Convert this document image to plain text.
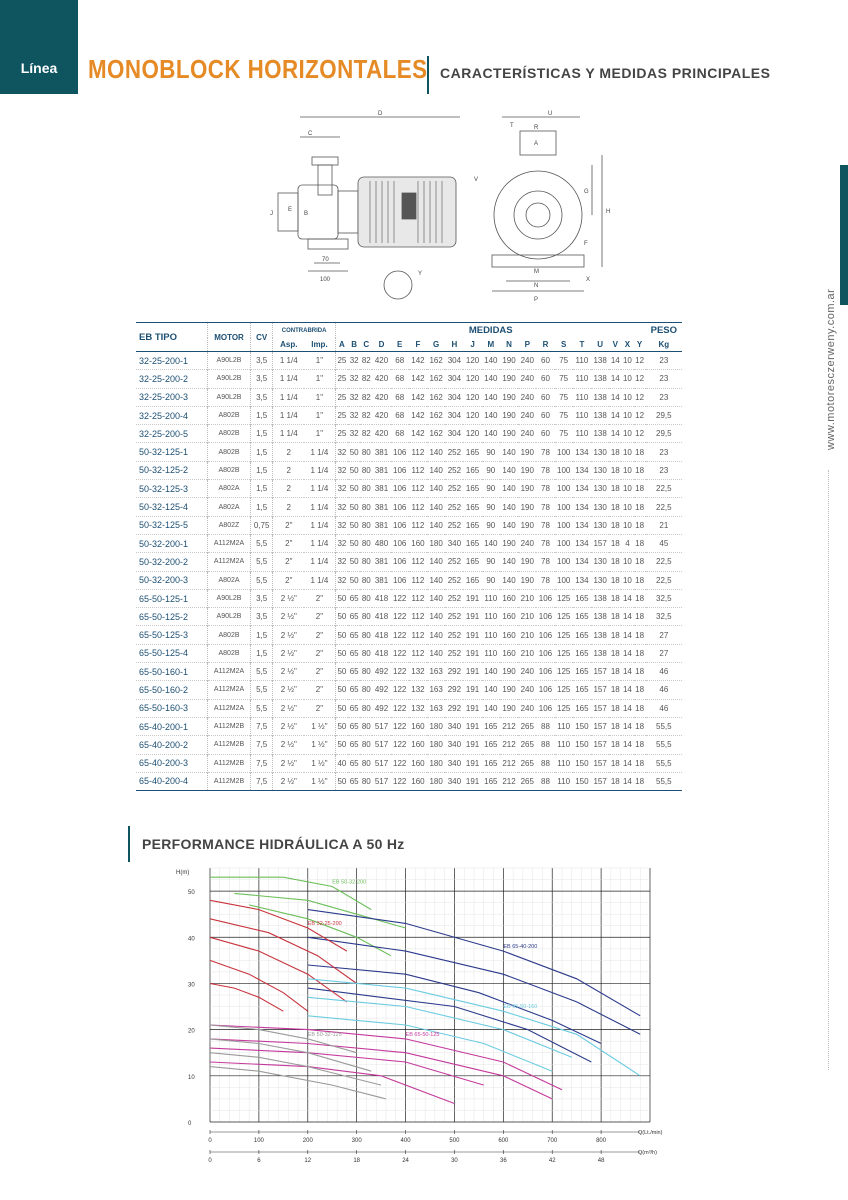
Línea	MONOBLOCK HORIZONTALES CARACTERÍSTICAS Y MEDIDAS PRINCIPALES
www.motoresczerweny.com.ar
D
C
E
J	B
70
100
Y
U
T	R
A
V
G
H
F
M
N
P
X
EB TIPO	MOTOR	CV	CONTRABRIDA		MEDIDAS																			PESO
			Asp.	Imp.	A	B	C	D	E	F	G	H	J	M	N	P	R	S	T	U	V	X	Y	Kg
32-25-200-1	A90L2B	3,5	1 1/4	1"	25	32	82	420	68	142	162	304	120	140	190	240	60	75	110	138	14	10	12	23
32-25-200-2	A90L2B	3,5	1 1/4	1"	25	32	82	420	68	142	162	304	120	140	190	240	60	75	110	138	14	10	12	23
32-25-200-3	A90L2B	3,5	1 1/4	1"	25	32	82	420	68	142	162	304	120	140	190	240	60	75	110	138	14	10	12	23
32-25-200-4	A802B	1,5	1 1/4	1"	25	32	82	420	68	142	162	304	120	140	190	240	60	75	110	138	14	10	12	29,5
32-25-200-5	A802B	1,5	1 1/4	1"	25	32	82	420	68	142	162	304	120	140	190	240	60	75	110	138	14	10	12	29,5
50-32-125-1	A802B	1,5	2	1 1/4	32	50	80	381	106	112	140	252	165	90	140	190	78	100	134	130	18	10	18	23
50-32-125-2	A802B	1,5	2	1 1/4	32	50	80	381	106	112	140	252	165	90	140	190	78	100	134	130	18	10	18	23
50-32-125-3	A802A	1,5	2	1 1/4	32	50	80	381	106	112	140	252	165	90	140	190	78	100	134	130	18	10	18	22,5
50-32-125-4	A802A	1,5	2	1 1/4	32	50	80	381	106	112	140	252	165	90	140	190	78	100	134	130	18	10	18	22,5
50-32-125-5	A802Z	0,75	2"	1 1/4	32	50	80	381	106	112	140	252	165	90	140	190	78	100	134	130	18	10	18	21
50-32-200-1	A112M2A	5,5	2"	1 1/4	32	50	80	480	106	160	180	340	165	140	190	240	78	100	134	157	18	4	18	45
50-32-200-2	A112M2A	5,5	2"	1 1/4	32	50	80	381	106	112	140	252	165	90	140	190	78	100	134	130	18	10	18	22,5
50-32-200-3	A802A	5,5	2"	1 1/4	32	50	80	381	106	112	140	252	165	90	140	190	78	100	134	130	18	10	18	22,5
65-50-125-1	A90L2B	3,5	2 ½"	2"	50	65	80	418	122	112	140	252	191	110	160	210	106	125	165	138	18	14	18	32,5
65-50-125-2	A90L2B	3,5	2 ½"	2"	50	65	80	418	122	112	140	252	191	110	160	210	106	125	165	138	18	14	18	32,5
65-50-125-3	A802B	1,5	2 ½"	2"	50	65	80	418	122	112	140	252	191	110	160	210	106	125	165	138	18	14	18	27
65-50-125-4	A802B	1,5	2 ½"	2"	50	65	80	418	122	112	140	252	191	110	160	210	106	125	165	138	18	14	18	27
65-50-160-1	A112M2A	5,5	2 ½"	2"	50	65	80	492	122	132	163	292	191	140	190	240	106	125	165	157	18	14	18	46
65-50-160-2	A112M2A	5,5	2 ½"	2"	50	65	80	492	122	132	163	292	191	140	190	240	106	125	165	157	18	14	18	46
65-50-160-3	A112M2A	5,5	2 ½"	2"	50	65	80	492	122	132	163	292	191	140	190	240	106	125	165	157	18	14	18	46
65-40-200-1	A112M2B	7,5	2 ½"	1 ½"	50	65	80	517	122	160	180	340	191	165	212	265	88	110	150	157	18	14	18	55,5
65-40-200-2	A112M2B	7,5	2 ½"	1 ½"	50	65	80	517	122	160	180	340	191	165	212	265	88	110	150	157	18	14	18	55,5
65-40-200-3	A112M2B	7,5	2 ½"	1 ½"	40	65	80	517	122	160	180	340	191	165	212	265	88	110	150	157	18	14	18	55,5
65-40-200-4	A112M2B	7,5	2 ½"	1 ½"	50	65	80	517	122	160	180	340	191	165	212	265	88	110	150	157	18	14	18	55,5
PERFORMANCE HIDRÁULICA A 50 Hz
0
10
20
30
40
50
H(m)
0	100	200	300	400	500	600	700	800
0	6	12	18	24	30	36	42	48
Q(Lt./min)
Q(m³/h)
EB 50-32-200
EB 65-40-200
EB 32-25-200
EB 65-50-160
EB 65-50-125
EB 50-32-125
